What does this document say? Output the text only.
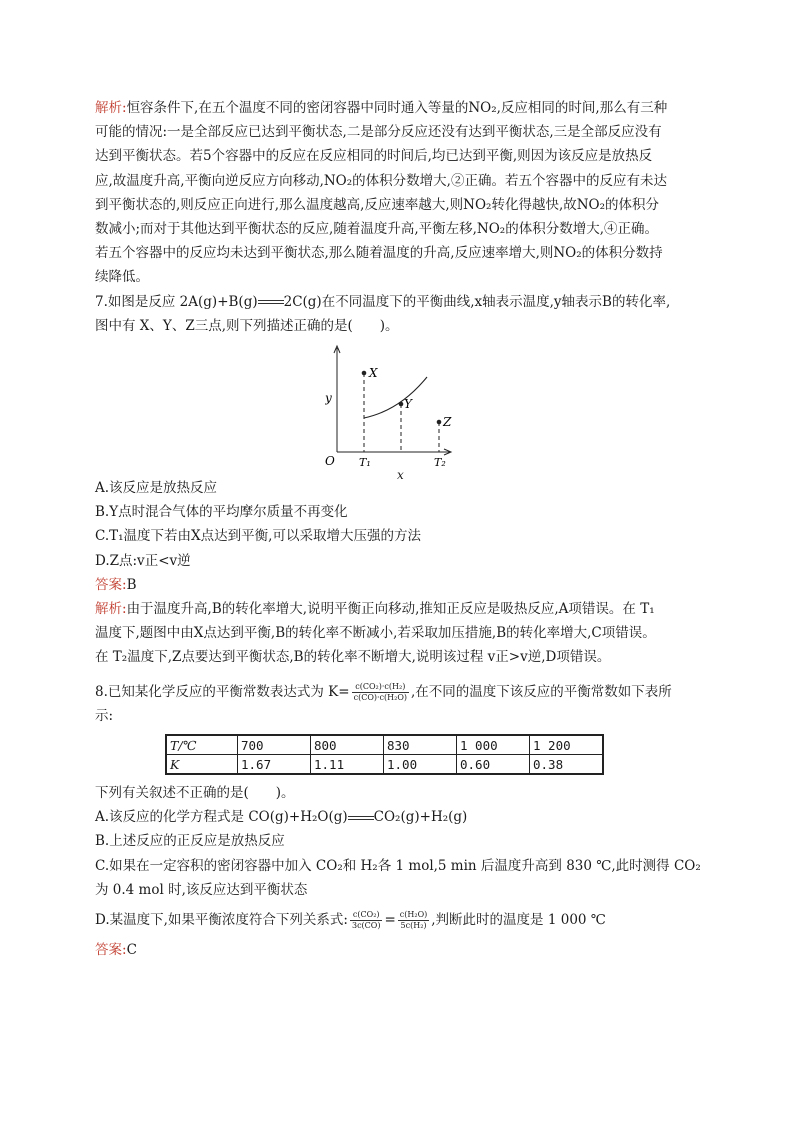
解析:恒容条件下,在五个温度不同的密闭容器中同时通入等量的NO₂,反应相同的时间,那么有三种
可能的情况:一是全部反应已达到平衡状态,二是部分反应还没有达到平衡状态,三是全部反应没有
达到平衡状态。若5个容器中的反应在反应相同的时间后,均已达到平衡,则因为该反应是放热反
应,故温度升高,平衡向逆反应方向移动,NO₂的体积分数增大,②正确。若五个容器中的反应有未达
到平衡状态的,则反应正向进行,那么温度越高,反应速率越大,则NO₂转化得越快,故NO₂的体积分
数减小;而对于其他达到平衡状态的反应,随着温度升高,平衡左移,NO₂的体积分数增大,④正确。
若五个容器中的反应均未达到平衡状态,那么随着温度的升高,反应速率增大,则NO₂的体积分数持
续降低。
7.如图是反应 2A(g)+B(g) 2C(g)在不同温度下的平衡曲线,x轴表示温度,y轴表示B的转化率,
图中有 X、Y、Z三点,则下列描述正确的是(　　)。
X
Y
Z
y
O T₁	T₂
x
A.该反应是放热反应
B.Y点时混合气体的平均摩尔质量不再变化
C.T₁温度下若由X点达到平衡,可以采取增大压强的方法
D.Z点:v正<v逆
答案:B
解析:由于温度升高,B的转化率增大,说明平衡正向移动,推知正反应是吸热反应,A项错误。在 T₁
温度下,题图中由X点达到平衡,B的转化率不断减小,若采取加压措施,B的转化率增大,C项错误。
在 T₂温度下,Z点要达到平衡状态,B的转化率不断增大,说明该过程 v正>v逆,D项错误。
8.已知某化学反应的平衡常数表达式为 $K= \frac{\text{c(CO₂)·c(H₂)}}{\text{c(CO)·c(H₂O)}}$ ,在不同的温度下该反应的平衡常数如下表所
示:
T/℃	700	800	830	1 000	1 200
K	1.67	1.11	1.00	0.60	0.38
下列有关叙述不正确的是(　　)。
A.该反应的化学方程式是 CO(g)+H₂O(g) CO₂(g)+H₂(g)
B.上述反应的正反应是放热反应
C.如果在一定容积的密闭容器中加入 CO₂和 H₂各 1 mol,5 min 后温度升高到 830 ℃,此时测得 CO₂
为 0.4 mol 时,该反应达到平衡状态
D.某温度下,如果平衡浓度符合下列关系式: $\frac{\text{c(CO₂)}}{3c(CO)} = \frac{\text{c(H₂O)}}{\text{5c(H₂)}}$ ,判断此时的温度是 1 000 ℃
答案:C
